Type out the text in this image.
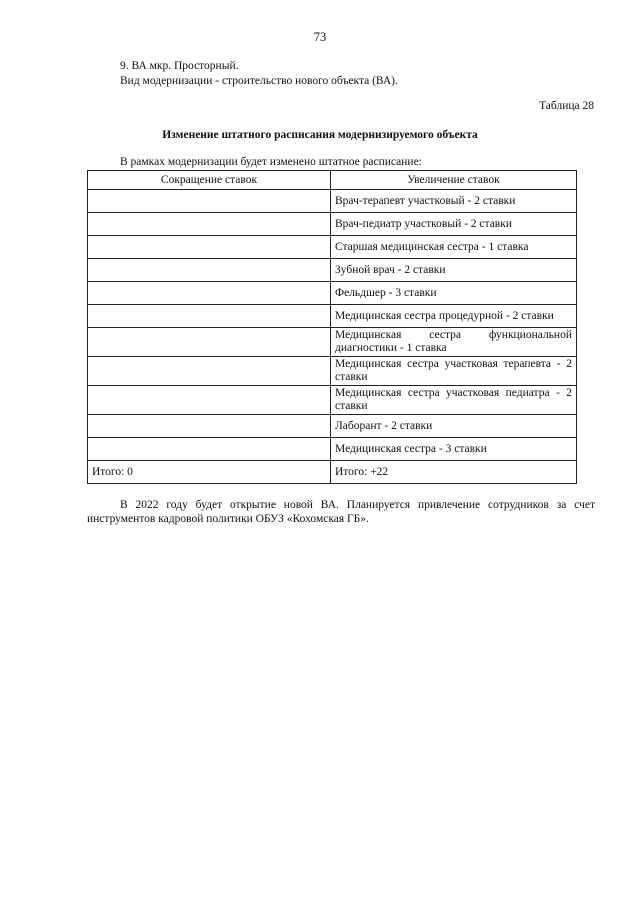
73
9. ВА мкр. Просторный.
Вид модернизации - строительство нового объекта (ВА).
Таблица 28
Изменение штатного расписания модернизируемого объекта
В рамках модернизации будет изменено штатное расписание:
Сокращение ставок	Увеличение ставок
	Врач-терапевт участковый - 2 ставки
	Врач-педиатр участковый - 2 ставки
	Старшая медицинская сестра - 1 ставка
	Зубной врач - 2 ставки
	Фельдшер - 3 ставки
	Медицинская сестра процедурной - 2 ставки
	Медицинская сестра функциональной диагностики - 1 ставка
	Медицинская сестра участковая терапевта - 2 ставки
	Медицинская сестра участковая педиатра - 2 ставки
	Лаборант - 2 ставки
	Медицинская сестра - 3 ставки
Итого: 0	Итого: +22
В 2022 году будет открытие новой ВА. Планируется привлечение сотрудников за счет инструментов кадровой политики ОБУЗ «Кохомская ГБ».
